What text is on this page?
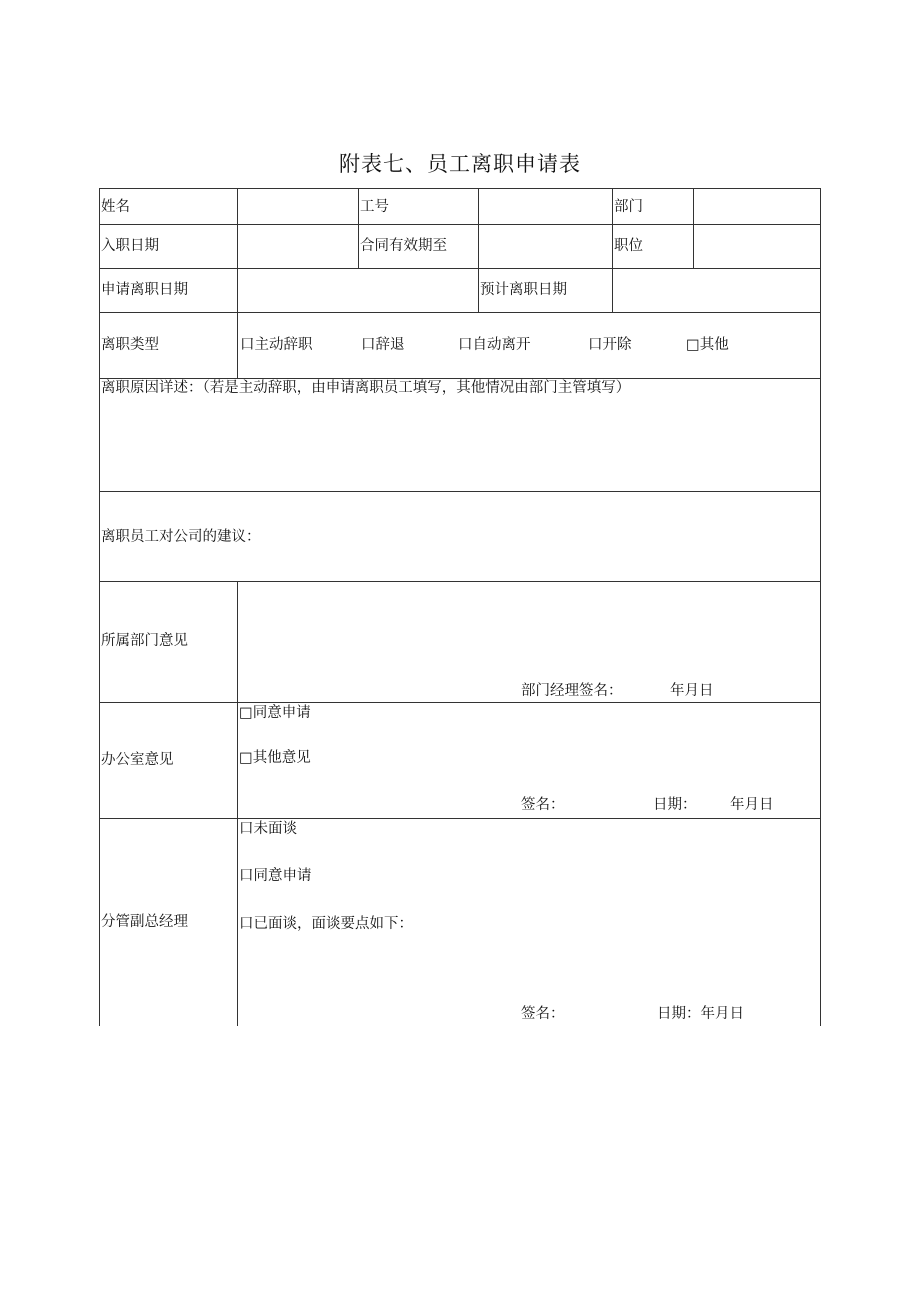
附表七、员工离职申请表
姓名	工号	部门
入职日期	合同有效期至	职位
申请离职日期	预计离职日期
离职类型	口主动辞职	口辞退	口自动离开	口开除	□其他
离职原因详述：（若是主动辞职，由申请离职员工填写，其他情况由部门主管填写）
离职员工对公司的建议：
所属部门意见
部门经理签名：	年月日
办公室意见
□同意申请
□其他意见
签名：	日期： 年月日
分管副总经理
口未面谈
口同意申请
口已面谈，面谈要点如下：
签名：	日期：年月日
